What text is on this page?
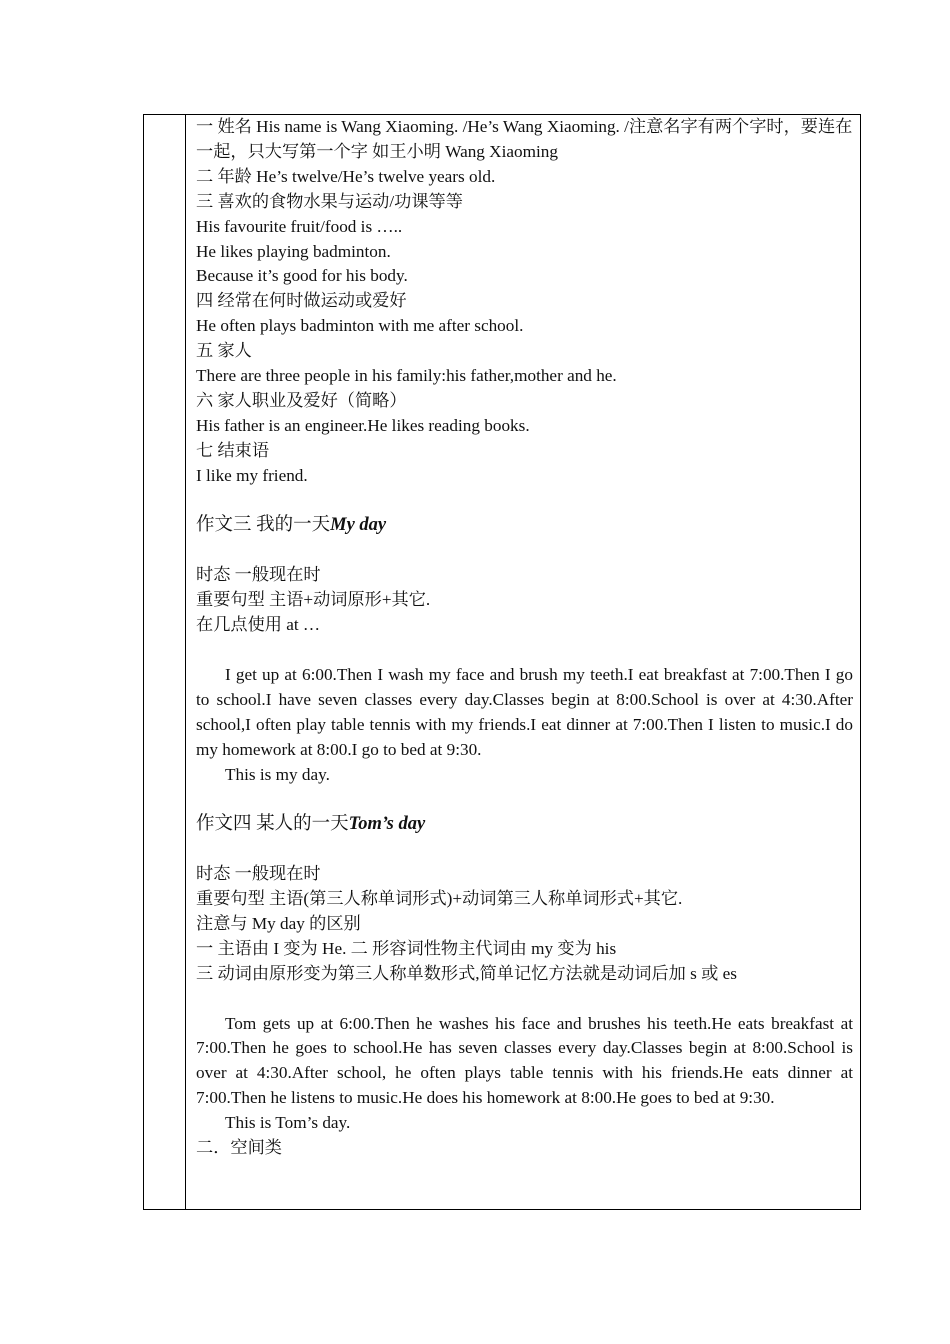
一 姓名 His name is Wang Xiaoming. /He’s Wang Xiaoming. /注意名字有两个字时，要连在一起，只大写第一个字 如王小明 Wang Xiaoming

二 年龄 He’s twelve/He’s twelve years old.

三 喜欢的食物水果与运动/功课等等

His favourite fruit/food is …..

He likes playing badminton.

Because it’s good for his body.

四 经常在何时做运动或爱好

He often plays badminton with me after school.

五 家人

There are three people in his family:his father,mother and he.

六 家人职业及爱好（简略）

His father is an engineer.He likes reading books.

七 结束语

I like my friend.

作文三 我的一天My day

时态 一般现在时

重要句型 主语+动词原形+其它.

在几点使用 at …

I get up at 6:00.Then I wash my face and brush my teeth.I eat breakfast at 7:00.Then I go to school.I have seven classes every day.Classes begin at 8:00.School is over at 4:30.After school,I often play table tennis with my friends.I eat dinner at 7:00.Then I listen to music.I do my homework at 8:00.I go to bed at 9:30.

This is my day.

作文四 某人的一天Tom’s day

时态 一般现在时

重要句型 主语(第三人称单词形式)+动词第三人称单词形式+其它.

注意与 My day 的区别

一 主语由 I 变为 He. 二 形容词性物主代词由 my 变为 his

三 动词由原形变为第三人称单数形式,简单记忆方法就是动词后加 s 或 es

Tom gets up at 6:00.Then he washes his face and brushes his teeth.He eats breakfast at 7:00.Then he goes to school.He has seven classes every day.Classes begin at 8:00.School is over at 4:30.After school, he often plays table tennis with his friends.He eats dinner at 7:00.Then he listens to music.He does his homework at 8:00.He goes to bed at 9:30.

This is Tom’s day.

二．空间类
